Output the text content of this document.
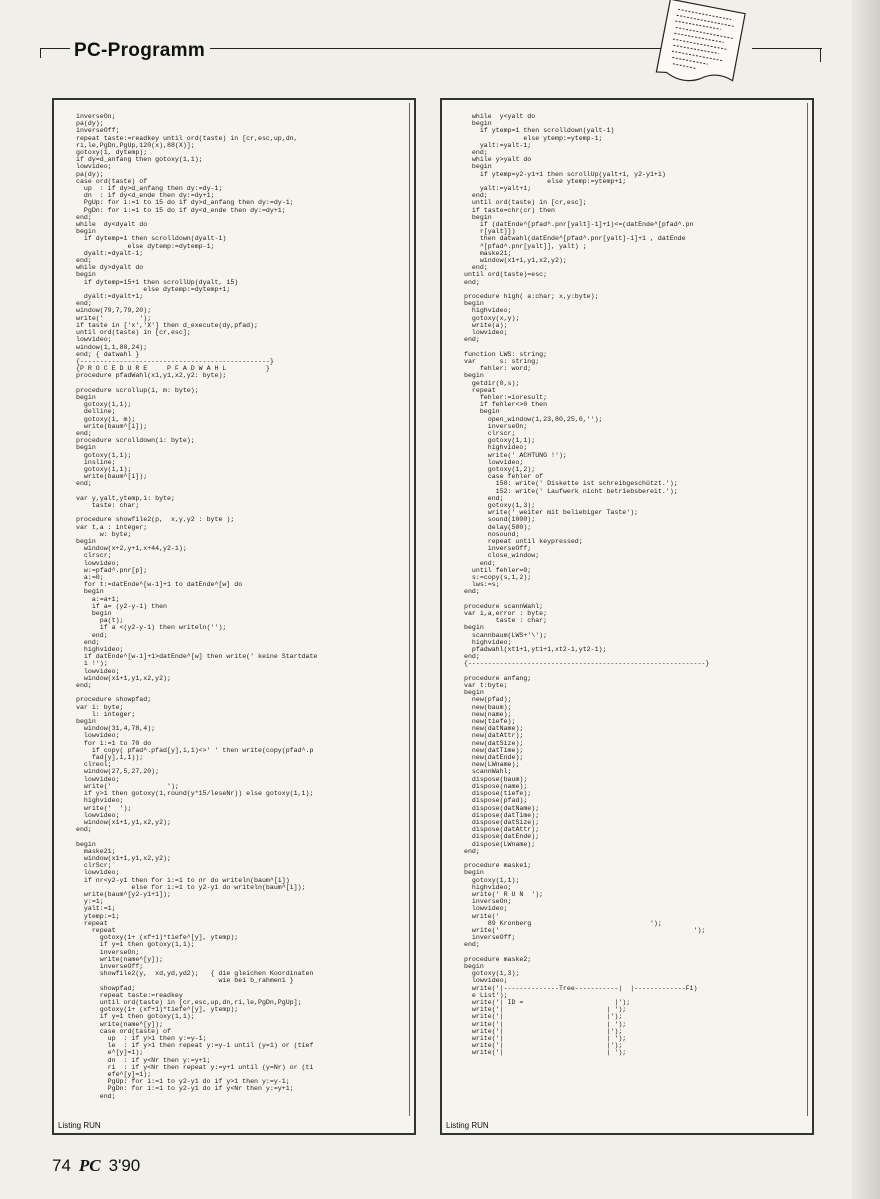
PC-Programm
inverseOn;
pa(dy);
inverseOff;
repeat taste:=readkey until ord(taste) in [cr,esc,up,dn,
ri,le,PgDn,PgUp,120(x),88(X)];
gotoxy(1, dytemp);
if dy=d_anfang then gotoxy(1,1);
lowvideo;
pa(dy);
case ord(taste) of
up  : if dy>d_anfang then dy:=dy-1;
dn  : if dy<d_ende then dy:=dy+1;
PgUp: for i:=1 to 15 do if dy>d_anfang then dy:=dy-1;
PgDn: for i:=1 to 15 do if dy<d_ende then dy:=dy+1;
end;
while  dy<dyalt do
begin
if dytemp=1 then scrolldown(dyalt-1)
else dytemp:=dytemp-1;
dyalt:=dyalt-1;
end;
while dy>dyalt do
begin
if dytemp=15+1 then scrollUp(dyalt, 15)
else dytemp:=dytemp+1;
dyalt:=dyalt+1;
end;
window(79,7,79,20);
write('         ');
if taste in ['x','X'] then d_execute(dy,pfad);
until ord(taste) in [cr,esc];
lowvideo;
window(1,1,80,24);
end; { datwahl }
{------------------------------------------------}
{P R O C E D U R E     P F A D W A H L          }
procedure pfadWahl(x1,y1,x2,y2: byte);

procedure scrollup(i, m: byte);
begin
gotoxy(1,1);
delline;
gotoxy(1, m);
write(baum^[i]);
end;
procedure scrolldown(i: byte);
begin
gotoxy(1,1);
insline;
gotoxy(1,1);
write(baum^[i]);
end;

var y,yalt,ytemp,i: byte;
taste: char;

procedure showfile2(p,  x,y,y2 : byte );
var t,a : integer;
w: byte;
begin
window(x+2,y+1,x+44,y2-1);
clrscr;
lowvideo;
w:=pfad^.pnr[p];
a:=0;
for t:=datEnde^[w-1]+1 to datEnde^[w] do
begin
a:=a+1;
if a= (y2-y-1) then
begin
pa(t);
if a <(y2-y-1) then writeln('');
end;
end;
highvideo;
if datEnde^[w-1]+1>datEnde^[w] then write(' keine Startdate
i !');
lowvideo;
window(x1+1,y1,x2,y2);
end;

procedure showpfad;
var i: byte;
l: integer;
begin
window(31,4,78,4);
lowvideo;
for i:=1 to 70 do
if copy( pfad^.pfad[y],i,1)<>' ' then write(copy(pfad^.p
fad[y],1,1));
clreol;
window(27,5,27,20);
lowvideo;
write('              ');
if y>1 then gotoxy(1,round(y*15/leseNr)) else gotoxy(1,1);
highvideo;
write('  ');
lowvideo;
window(x1+1,y1,x2,y2);
end;

begin
maske21;
window(x1+1,y1,x2,y2);
clrScr;
lowvideo;
if nr<y2-y1 then for i:=1 to nr do writeln(baum^[i])
else for i:=1 to y2-y1 do writeln(baum^[i]);
write(baum^[y2-y1+1]);
y:=1;
yalt:=1;
ytemp:=1;
repeat
repeat
gotoxy(1+ (xf+1)*tiefe^[y], ytemp);
if y=1 then gotoxy(1,1);
inverseOn;
write(name^[y]);
inverseOff;
showfile2(y,  xd,yd,yd2);   { die gleichen Koordinaten
wie bei b_rahmen1 }
showpfad;
repeat taste:=readkey
until ord(taste) in [cr,esc,up,dn,ri,le,PgDn,PgUp];
gotoxy(1+ (xf+1)*tiefe^[y], ytemp);
if y=1 then gotoxy(1,1);
write(name^[y]);
case ord(taste) of
up  : if y>1 then y:=y-1;
le  : if y>1 then repeat y:=y-1 until (y=1) or (tief
e^[y]=1);
dn  : if y<Nr then y:=y+1;
ri  : if y<Nr then repeat y:=y+1 until (y=Nr) or (ti
efe^[y]=1);
PgUp: for i:=1 to y2-y1 do if y>1 then y:=y-1;
PgDn: for i:=1 to y2-y1 do if y<Nr then y:=y+1;
end;
Listing RUN
while  y<yalt do
begin
if ytemp=1 then scrolldown(yalt-1)
else ytemp:=ytemp-1;
yalt:=yalt-1;
end;
while y>yalt do
begin
if ytemp=y2-y1+1 then scrollUp(yalt+1, y2-y1+1)
else ytemp:=ytemp+1;
yalt:=yalt+1;
end;
until ord(taste) in [cr,esc];
if taste=chr(cr) then
begin
if (datEnde^[pfad^.pnr[yalt]-1]+1)<=(datEnde^[pfad^.pn
r[yalt]])
then datwahl(datEnde^[pfad^.pnr[yalt]-1]+1 , datEnde
^[pfad^.pnr[yalt]], yalt) ;
maske21;
window(x1+1,y1,x2,y2);
end;
until ord(taste)=esc;
end;

procedure high( a:char; x,y:byte);
begin
highvideo;
gotoxy(x,y);
write(a);
lowvideo;
end;

function LWS: string;
var      s: string;
fehler: word;
begin
getdir(0,s);
repeat
fehler:=ioresult;
if fehler<>0 then
begin
open_window(1,23,80,25,0,'');
inverseOn;
clrscr;
gotoxy(1,1);
highvideo;
write(' ACHTUNG !');
lowvideo;
gotoxy(1,2);
case fehler of
150: write(' Diskette ist schreibgeschützt.');
152: write(' Laufwerk nicht betriebsbereit.');
end;
gotoxy(1,3);
write(' weiter mit beliebiger Taste');
sound(1000);
delay(500);
nosound;
repeat until keypressed;
inverseOff;
close_window;
end;
until fehler=0;
s:=copy(s,1,2);
lws:=s;
end;

procedure scannWahl;
var i,a,error : byte;
taste : char;
begin
scannbaum(LWS+'\');
highvideo;
pfadwahl(xt1+1,yt1+1,xt2-1,yt2-1);
end;
{------------------------------------------------------------}

procedure anfang;
var t:byte;
begin
new(pfad);
new(baum);
new(name);
new(tiefe);
new(datName);
new(datAttr);
new(datSize);
new(datTime);
new(datEnde);
new(LWname);
scannWahl;
dispose(baum);
dispose(name);
dispose(tiefe);
dispose(pfad);
dispose(datName);
dispose(datTime);
dispose(datSize);
dispose(datAttr);
dispose(datEnde);
dispose(LWname);
end;

procedure maske1;
begin
gotoxy(1,1);
highvideo;
write(' R U N  ');
inverseOn;
lowvideo;
write('
89 Kronberg                              ');
write('                                                 ');
inverseOff;
end;

procedure maske2;
begin
gotoxy(1,3);
lowvideo;
write('|--------------Tree-----------|  |-------------F1)
e List');
write('| ID =                       |');
write('|                          | ');
write('|                          |');
write('|                          | ');
write('|                          |');
write('|                          | ');
write('|                          |');
write('|                          | ');
Listing RUN
74 PC 3'90
